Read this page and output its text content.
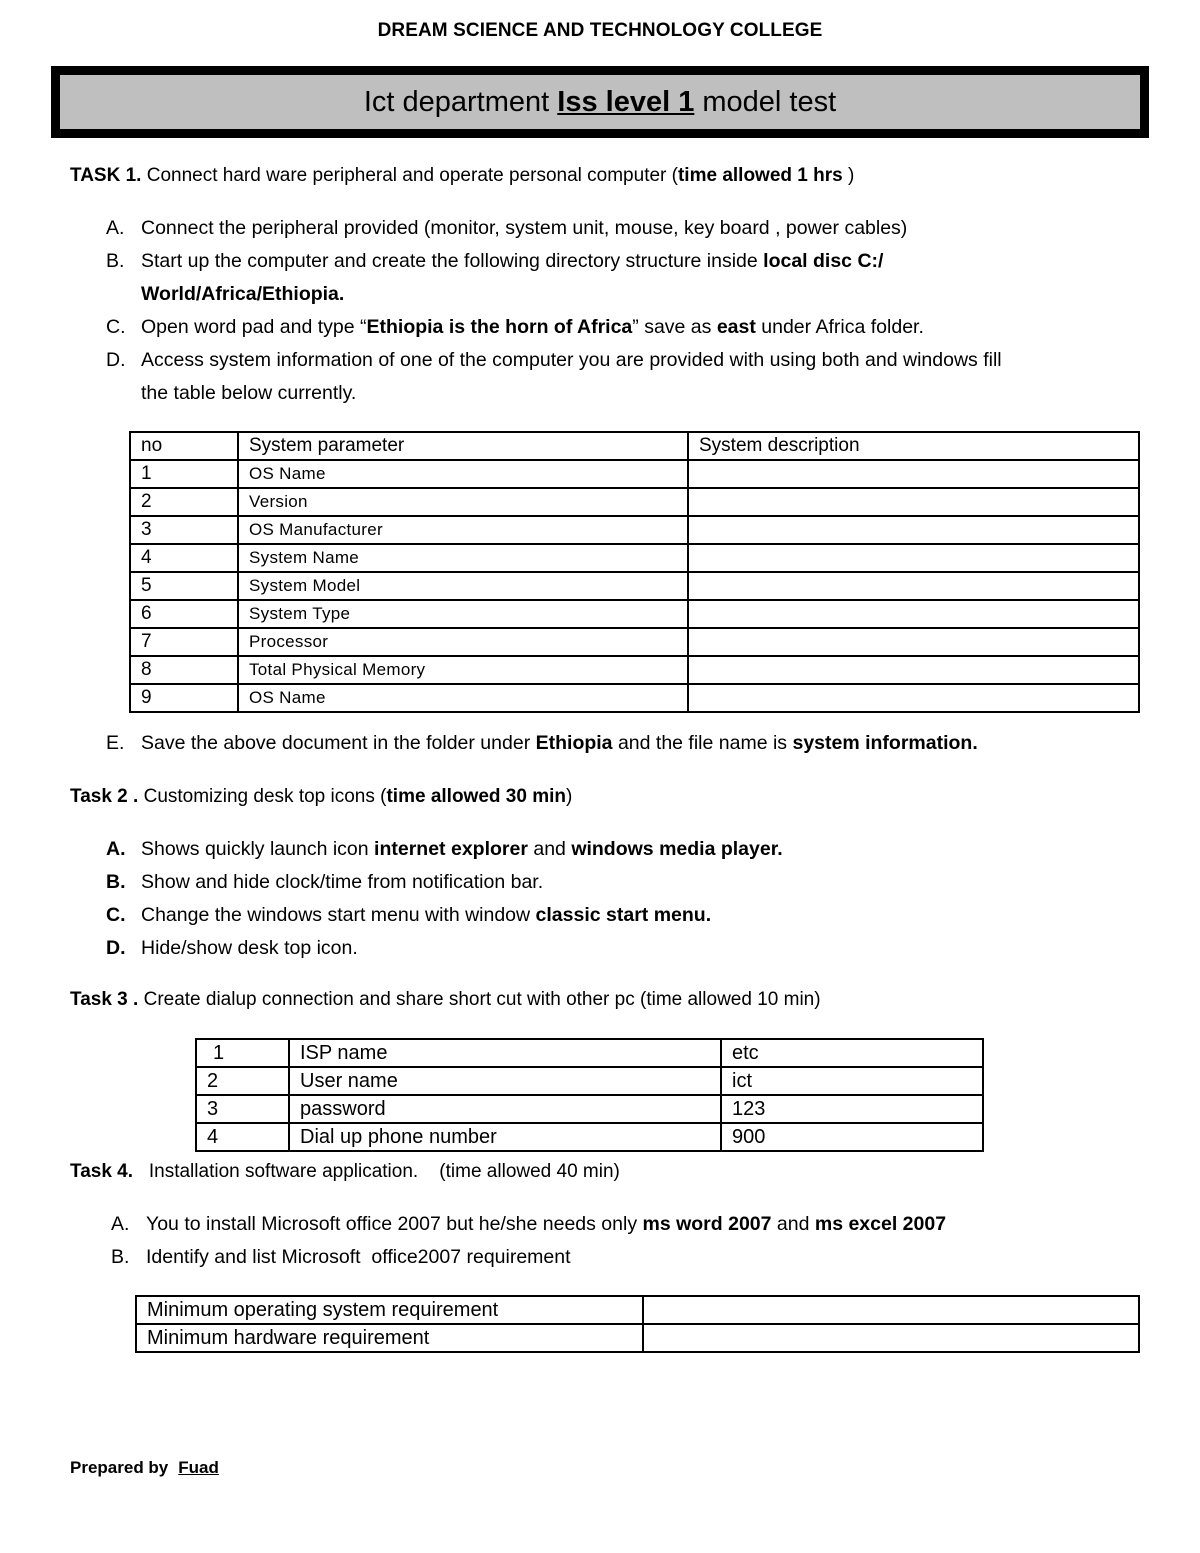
DREAM SCIENCE AND TECHNOLOGY COLLEGE
Ict department Iss level 1 model test
TASK 1. Connect hard ware peripheral and operate personal computer (time allowed 1 hrs )
A. Connect the peripheral provided (monitor, system unit, mouse, key board , power cables)
B. Start up the computer and create the following directory structure inside local disc C:/
World/Africa/Ethiopia.
C. Open word pad and type “Ethiopia is the horn of Africa” save as east under Africa folder.
D. Access system information of one of the computer you are provided with using both and windows fill
the table below currently.
no	System parameter	System description
1	OS Name	
2	Version	
3	OS Manufacturer	
4	System Name	
5	System Model	
6	System Type	
7	Processor	
8	Total Physical Memory	
9	OS Name	
E. Save the above document in the folder under Ethiopia and the file name is system information.
Task 2 . Customizing desk top icons (time allowed 30 min)
A. Shows quickly launch icon internet explorer and windows media player.
B. Show and hide clock/time from notification bar.
C. Change the windows start menu with window classic start menu.
D. Hide/show desk top icon.
Task 3 . Create dialup connection and share short cut with other pc (time allowed 10 min)
1	ISP name	etc
2	User name	ict
3	password	123
4	Dial up phone number	900
Task 4.   Installation software application.    (time allowed 40 min)
A. You to install Microsoft office 2007 but he/she needs only ms word 2007 and ms excel 2007
B. Identify and list Microsoft  office2007 requirement
Minimum operating system requirement	
Minimum hardware requirement	
Prepared by Fuad
